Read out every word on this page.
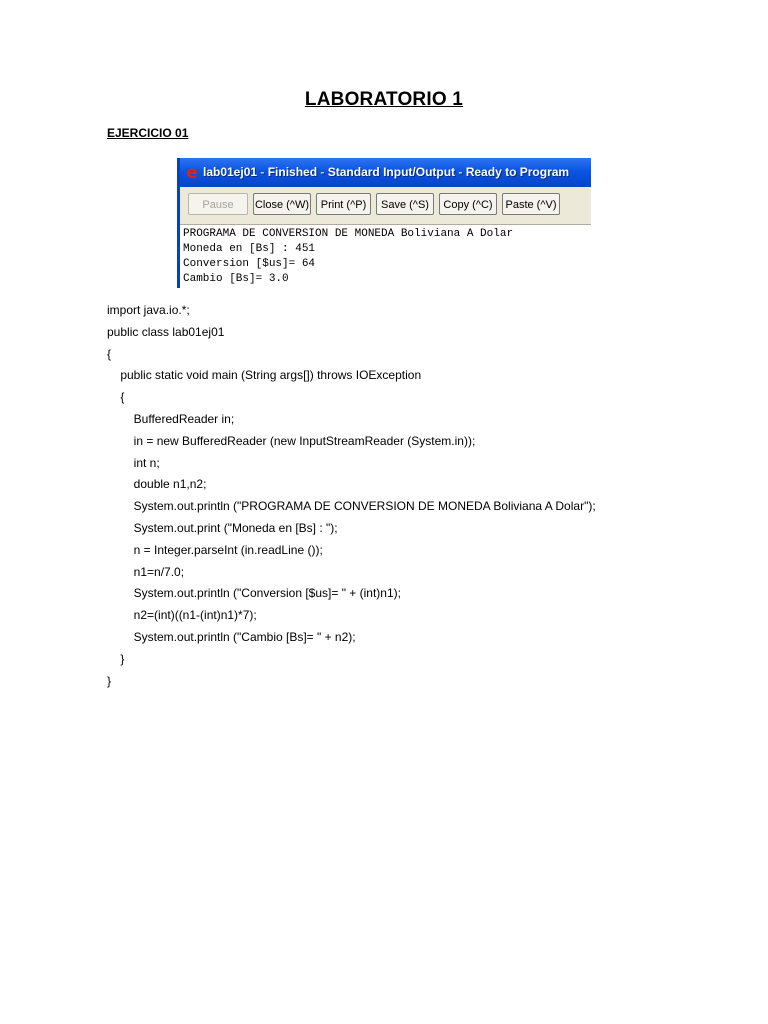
LABORATORIO 1
EJERCICIO 01
e lab01ej01 - Finished - Standard Input/Output - Ready to Program
Pause	Close (^W)	Print (^P)	Save (^S)	Copy (^C)	Paste (^V)
PROGRAMA DE CONVERSION DE MONEDA Boliviana A Dolar
Moneda en [Bs] : 451
Conversion [$us]= 64
Cambio [Bs]= 3.0
import java.io.*;
public class lab01ej01
{
public static void main (String args[]) throws IOException
{
BufferedReader in;
in = new BufferedReader (new InputStreamReader (System.in));
int n;
double n1,n2;
System.out.println ("PROGRAMA DE CONVERSION DE MONEDA Boliviana A Dolar");
System.out.print ("Moneda en [Bs] : ");
n = Integer.parseInt (in.readLine ());
n1=n/7.0;
System.out.println ("Conversion [$us]= " + (int)n1);
n2=(int)((n1-(int)n1)*7);
System.out.println ("Cambio [Bs]= " + n2);
}
}
